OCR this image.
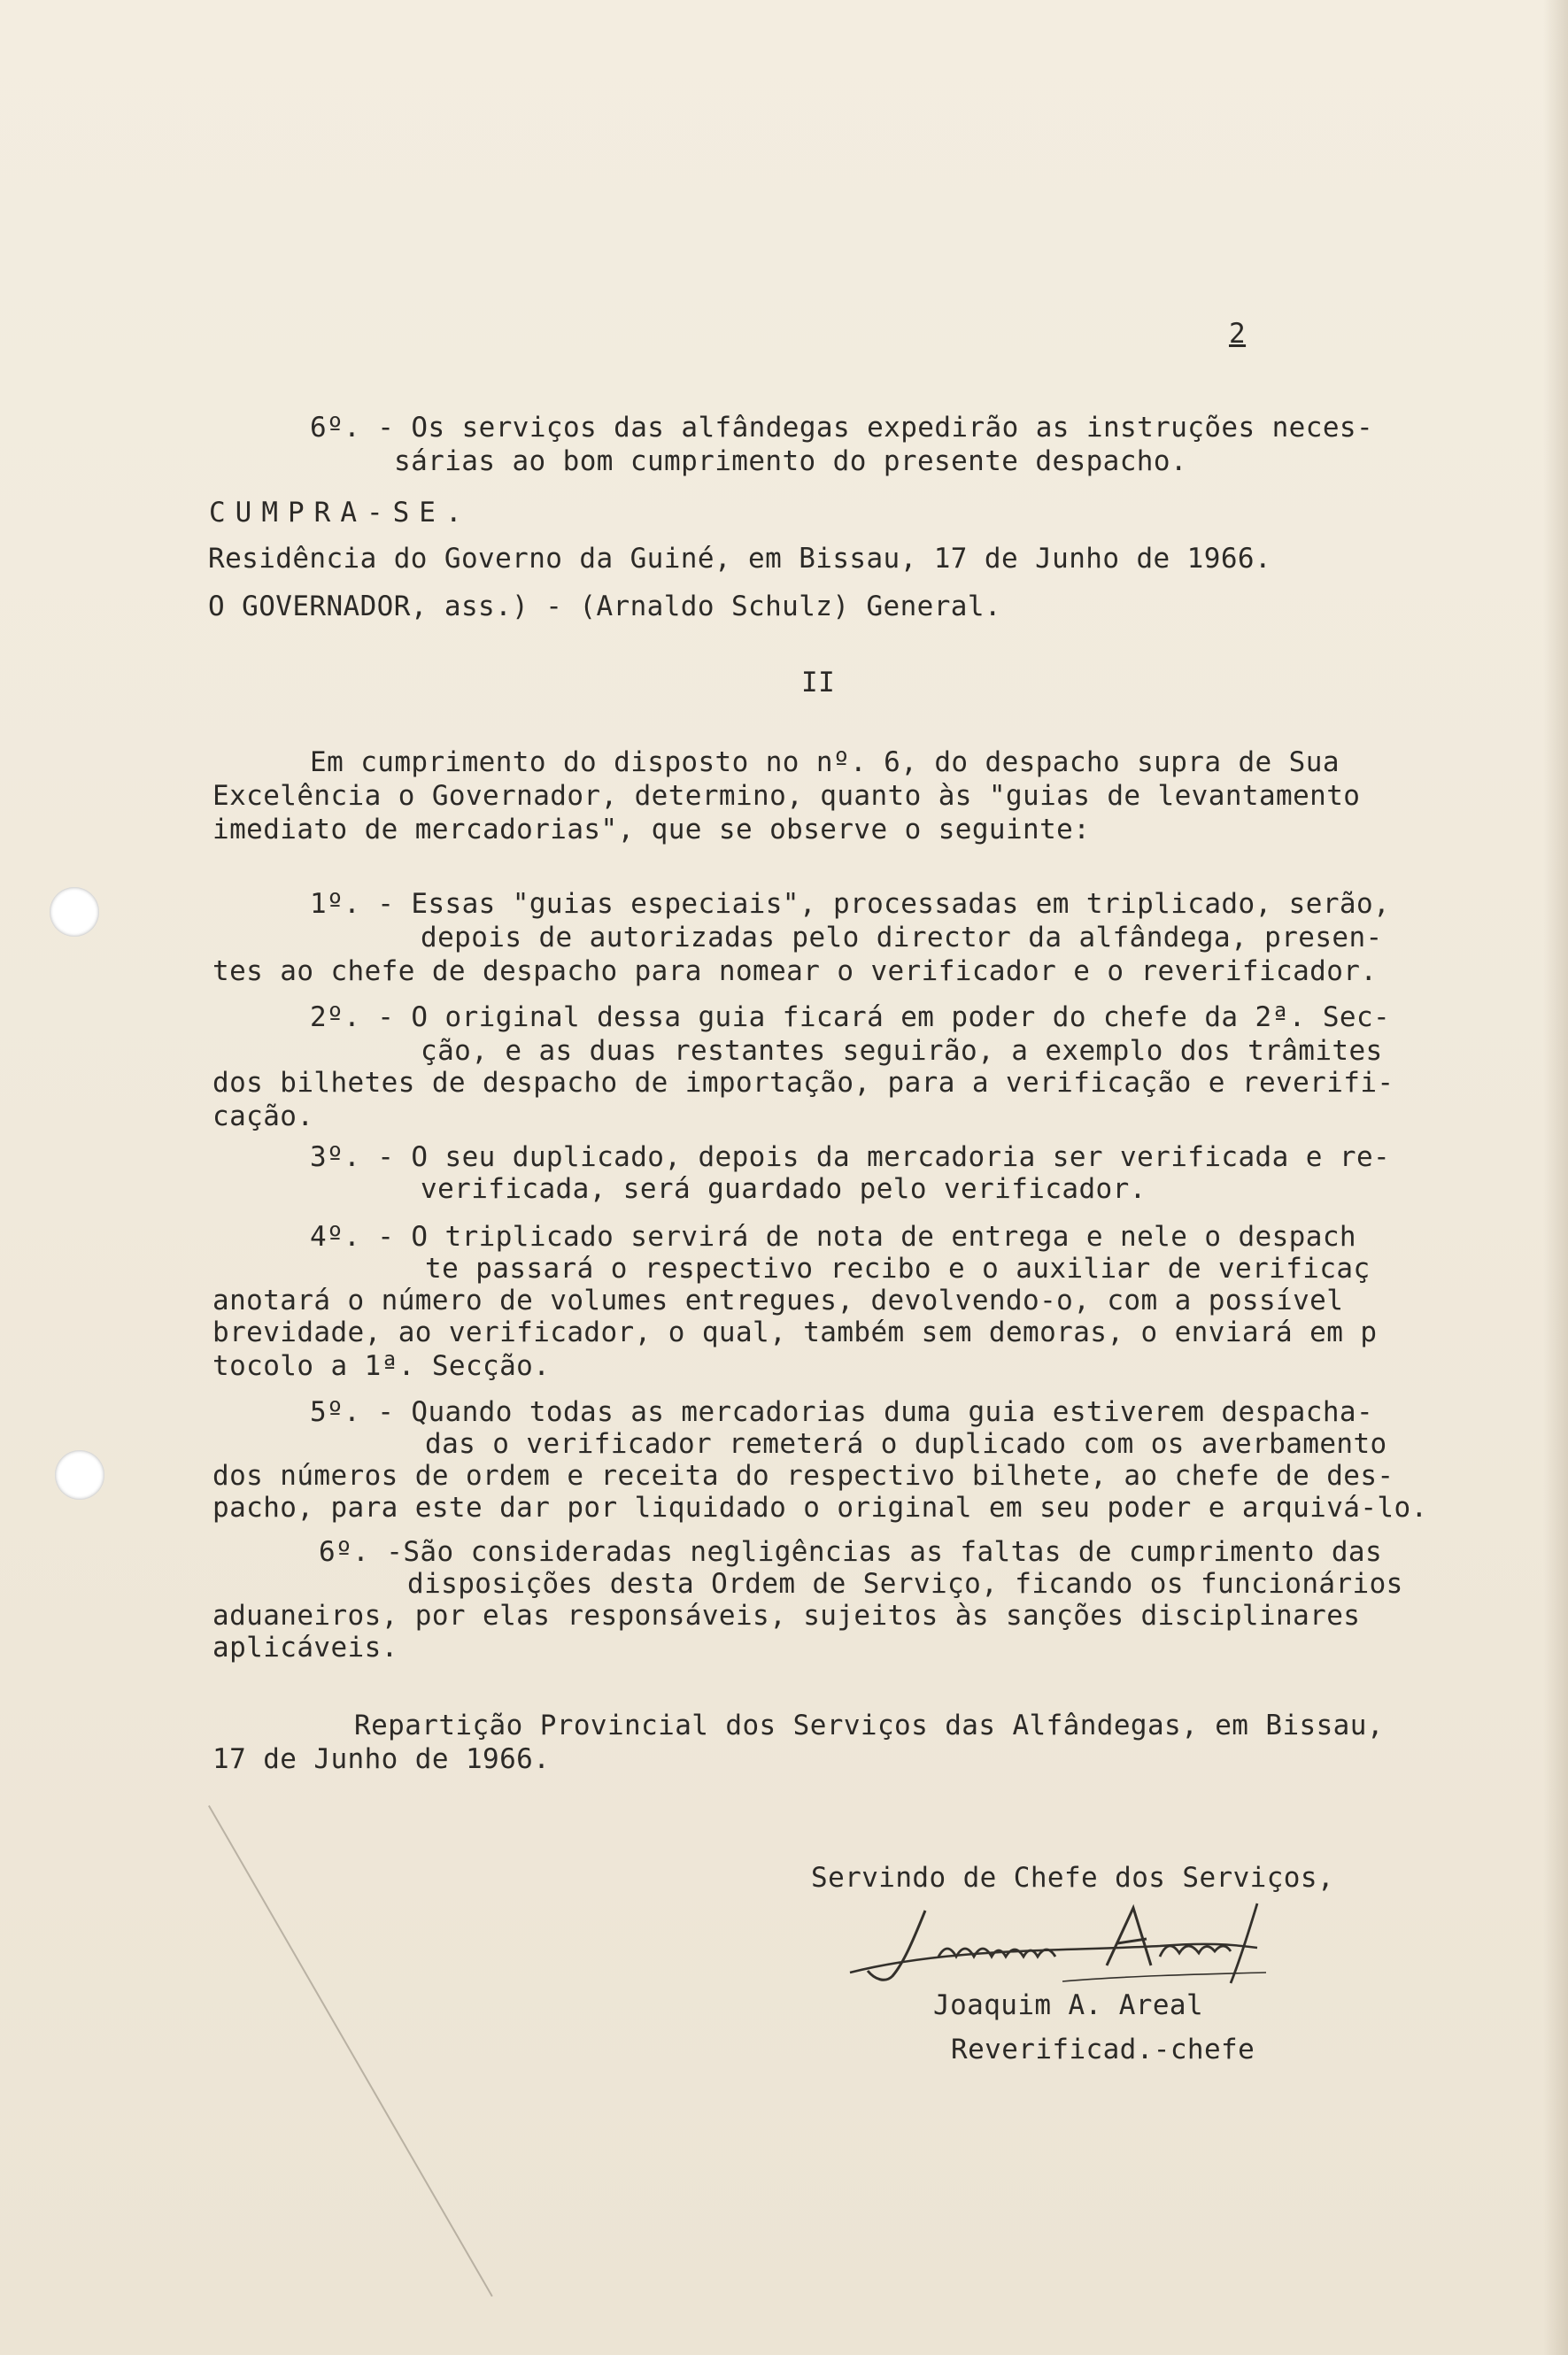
2
6º. - Os serviços das alfândegas expedirão as instruções neces-
sárias ao bom cumprimento do presente despacho.
CUMPRA-SE.
Residência do Governo da Guiné, em Bissau, 17 de Junho de 1966.
O GOVERNADOR, ass.) - (Arnaldo Schulz) General.
II
Em cumprimento do disposto no nº. 6, do despacho supra de Sua
Excelência o Governador, determino, quanto às "guias de levantamento
imediato de mercadorias", que se observe o seguinte:
1º. - Essas "guias especiais", processadas em triplicado, serão,
depois de autorizadas pelo director da alfândega, presen-
tes ao chefe de despacho para nomear o verificador e o reverificador.
2º. - O original dessa guia ficará em poder do chefe da 2ª. Sec-
ção, e as duas restantes seguirão, a exemplo dos trâmites
dos bilhetes de despacho de importação, para a verificação e reverifi-
cação.
3º. - O seu duplicado, depois da mercadoria ser verificada e re-
verificada, será guardado pelo verificador.
4º. - O triplicado servirá de nota de entrega e nele o despach
te passará o respectivo recibo e o auxiliar de verificaç
anotará o número de volumes entregues, devolvendo-o, com a possível
brevidade, ao verificador, o qual, também sem demoras, o enviará em p
tocolo a 1ª. Secção.
5º. - Quando todas as mercadorias duma guia estiverem despacha-
das o verificador remeterá o duplicado com os averbamento
dos números de ordem e receita do respectivo bilhete, ao chefe de des-
pacho, para este dar por liquidado o original em seu poder e arquivá-lo.
6º. -São consideradas negligências as faltas de cumprimento das
disposições desta Ordem de Serviço, ficando os funcionários
aduaneiros, por elas responsáveis, sujeitos às sanções disciplinares
aplicáveis.
Repartição Provincial dos Serviços das Alfândegas, em Bissau,
17 de Junho de 1966.
Servindo de Chefe dos Serviços,
Joaquim A. Areal
Reverificad.-chefe
